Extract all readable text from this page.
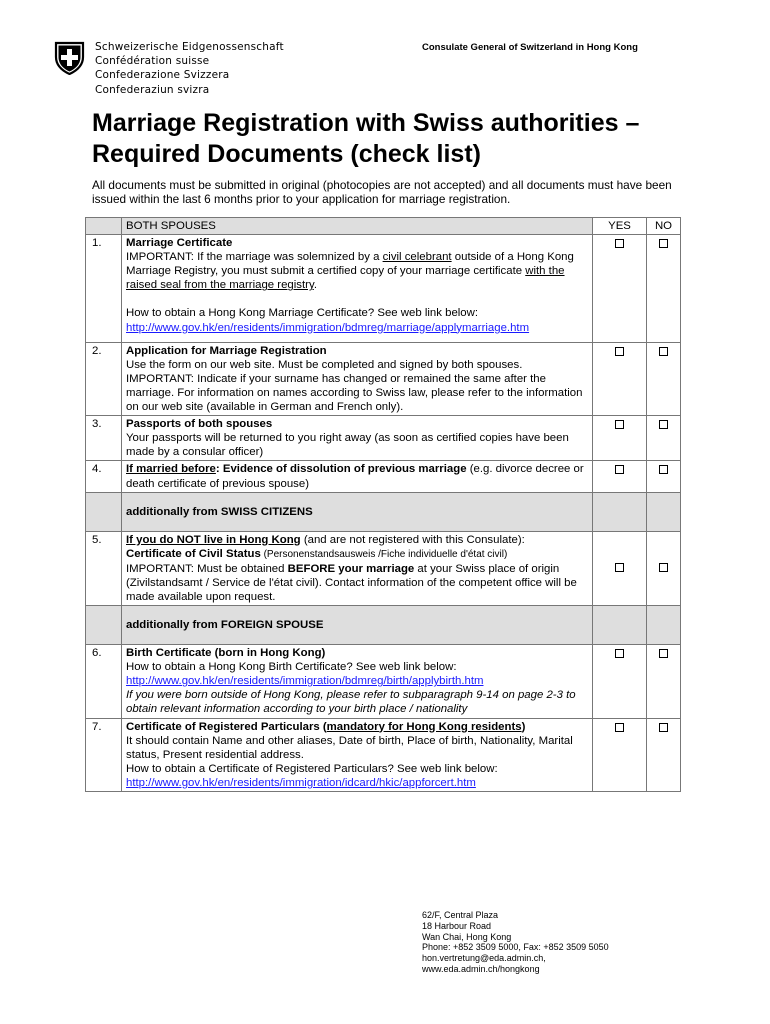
Schweizerische Eidgenossenschaft
Confédération suisse
Confederazione Svizzera
Confederaziun svizra
Consulate General of Switzerland in Hong Kong
Marriage Registration with Swiss authorities –
Required Documents (check list)
All documents must be submitted in original (photocopies are not accepted) and all documents must have been issued within the last 6 months prior to your application for marriage registration.
	BOTH SPOUSES	YES	NO
1.	Marriage Certificate
IMPORTANT: If the marriage was solemnized by a civil celebrant outside of a Hong Kong Marriage Registry, you must submit a certified copy of your marriage certificate with the raised seal from the marriage registry.
How to obtain a Hong Kong Marriage Certificate? See web link below:
http://www.gov.hk/en/residents/immigration/bdmreg/marriage/applymarriage.htm		

2.	Application for Marriage Registration
Use the form on our web site. Must be completed and signed by both spouses. IMPORTANT: Indicate if your surname has changed or remained the same after the marriage. For information on names according to Swiss law, please refer to the information on our web site (available in German and French only).		

3.	Passports of both spouses
Your passports will be returned to you right away (as soon as certified copies have been made by a consular officer)		

4.	If married before: Evidence of dissolution of previous marriage (e.g. divorce decree or death certificate of previous spouse)		
	additionally from SWISS CITIZENS		
5.	If you do NOT live in Hong Kong (and are not registered with this Consulate):
Certificate of Civil Status (Personenstandsausweis /Fiche individuelle d'état civil)
IMPORTANT: Must be obtained BEFORE your marriage at your Swiss place of origin (Zivilstandsamt / Service de l'état civil). Contact information of the competent office will be made available upon request.		

	additionally from FOREIGN SPOUSE		
6.	Birth Certificate (born in Hong Kong)
How to obtain a Hong Kong Birth Certificate? See web link below:
http://www.gov.hk/en/residents/immigration/bdmreg/birth/applybirth.htm
If you were born outside of Hong Kong, please refer to subparagraph 9-14 on page 2-3 to obtain relevant information according to your birth place / nationality		

7.	Certificate of Registered Particulars (mandatory for Hong Kong residents)
It should contain Name and other aliases, Date of birth, Place of birth, Nationality, Marital status, Present residential address.
How to obtain a Certificate of Registered Particulars? See web link below:
http://www.gov.hk/en/residents/immigration/idcard/hkic/appforcert.htm		

62/F, Central Plaza
18 Harbour Road
Wan Chai, Hong Kong
Phone: +852 3509 5000, Fax: +852 3509 5050
hon.vertretung@eda.admin.ch,
www.eda.admin.ch/hongkong
